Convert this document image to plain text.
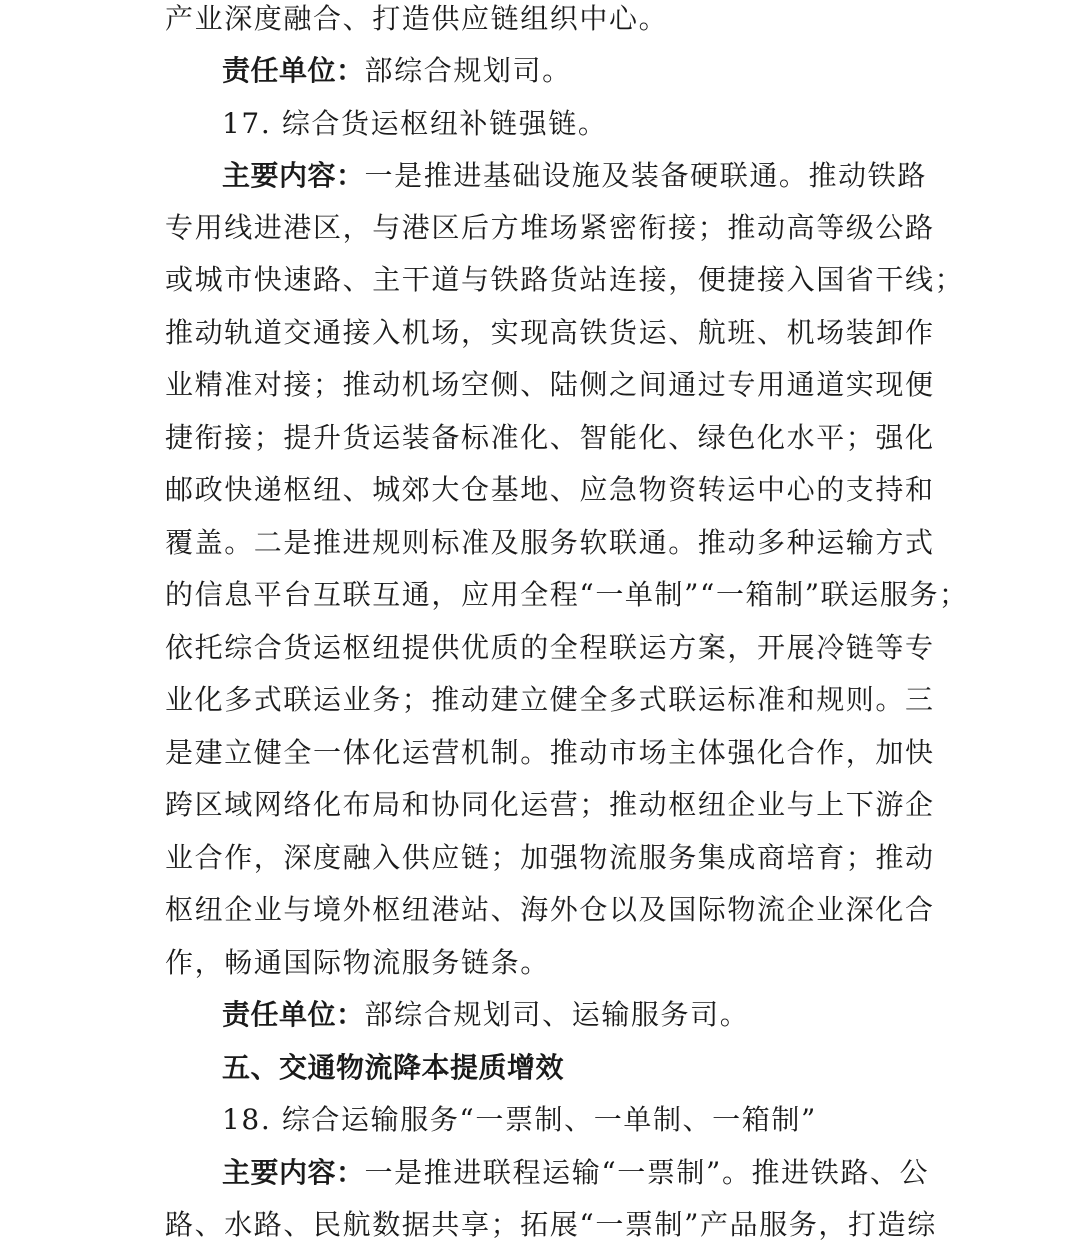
产业深度融合、打造供应链组织中心。
责任单位：部综合规划司。
17. 综合货运枢纽补链强链。
主要内容：一是推进基础设施及装备硬联通。推动铁路
专用线进港区，与港区后方堆场紧密衔接；推动高等级公路
或城市快速路、主干道与铁路货站连接，便捷接入国省干线；
推动轨道交通接入机场，实现高铁货运、航班、机场装卸作
业精准对接；推动机场空侧、陆侧之间通过专用通道实现便
捷衔接；提升货运装备标准化、智能化、绿色化水平；强化
邮政快递枢纽、城郊大仓基地、应急物资转运中心的支持和
覆盖。二是推进规则标准及服务软联通。推动多种运输方式
的信息平台互联互通，应用全程“一单制”“一箱制”联运服务；
依托综合货运枢纽提供优质的全程联运方案，开展冷链等专
业化多式联运业务；推动建立健全多式联运标准和规则。三
是建立健全一体化运营机制。推动市场主体强化合作，加快
跨区域网络化布局和协同化运营；推动枢纽企业与上下游企
业合作，深度融入供应链；加强物流服务集成商培育；推动
枢纽企业与境外枢纽港站、海外仓以及国际物流企业深化合
作，畅通国际物流服务链条。
责任单位：部综合规划司、运输服务司。
五、交通物流降本提质增效
18. 综合运输服务“一票制、一单制、一箱制”
主要内容：一是推进联程运输“一票制”。推进铁路、公
路、水路、民航数据共享；拓展“一票制”产品服务，打造综
